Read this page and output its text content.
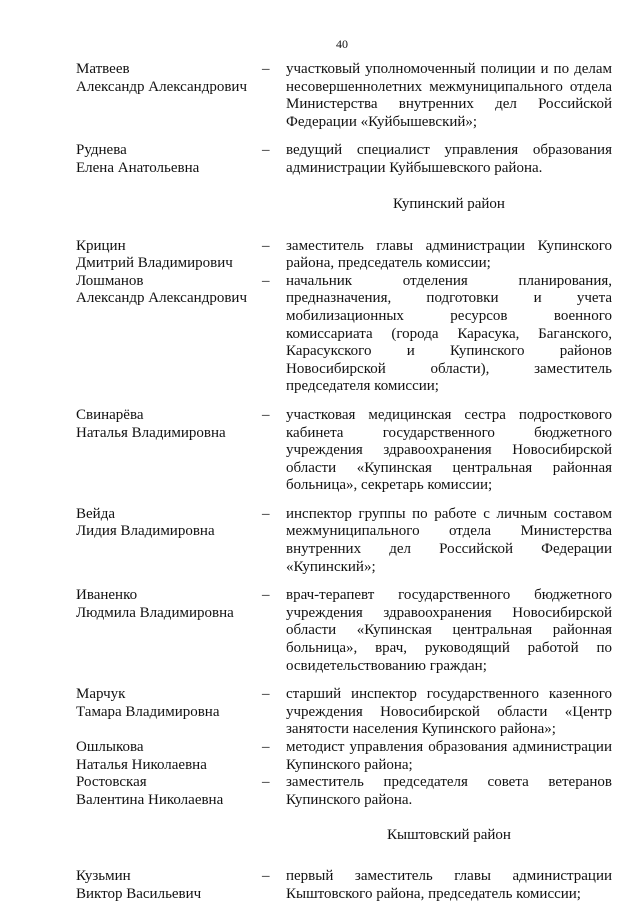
40
Матвеев
Александр Александрович
–	участковый уполномоченный полиции и по делам несовершеннолетних межмуниципального отдела Министерства внутренних дел Российской Федерации «Куйбышевский»;
Руднева
Елена Анатольевна
–	ведущий специалист управления образования администрации Куйбышевского района.
Купинский район
Крицин
Дмитрий Владимирович
–	заместитель главы администрации Купинского района, председатель комиссии;
Лошманов
Александр Александрович
–	начальник отделения планирования, предназначения, подготовки и учета мобилизационных ресурсов военного комиссариата (города Карасука, Баганского, Карасукского и Купинского районов Новосибирской области), заместитель председателя комиссии;
Свинарёва
Наталья Владимировна
–	участковая медицинская сестра подросткового кабинета государственного бюджетного учреждения здравоохранения Новосибирской области «Купинская центральная районная больница», секретарь комиссии;
Вейда
Лидия Владимировна
–	инспектор группы по работе с личным составом межмуниципального отдела Министерства внутренних дел Российской Федерации «Купинский»;
Иваненко
Людмила Владимировна
–	врач-терапевт государственного бюджетного учреждения здравоохранения Новосибирской области «Купинская центральная районная больница», врач, руководящий работой по освидетельствованию граждан;
Марчук
Тамара Владимировна
–	старший инспектор государственного казенного учреждения Новосибирской области «Центр занятости населения Купинского района»;
Ошлыкова
Наталья Николаевна
–	методист управления образования администрации Купинского района;
Ростовская
Валентина Николаевна
–	заместитель председателя совета ветеранов Купинского района.
Кыштовский район
Кузьмин
Виктор Васильевич
–	первый заместитель главы администрации Кыштовского района, председатель комиссии;
